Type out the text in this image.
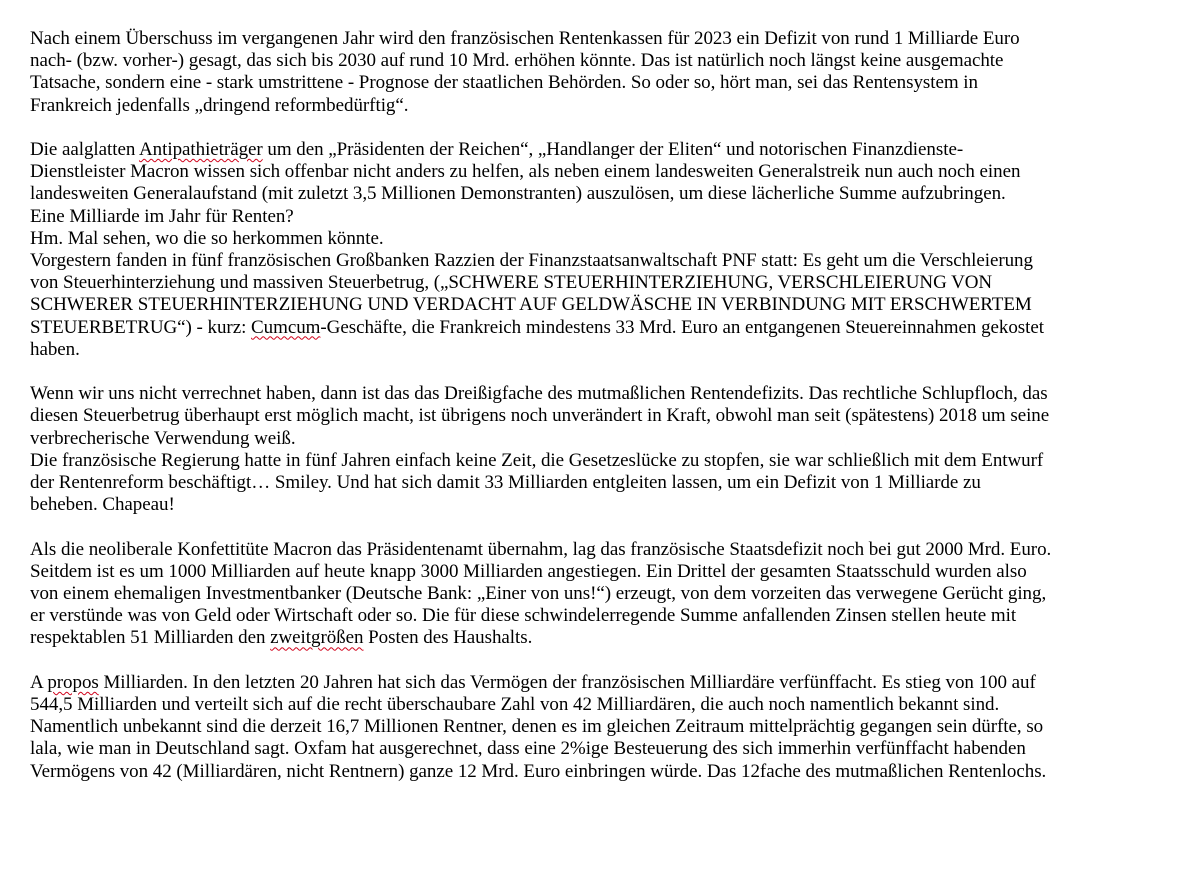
Nach einem Überschuss im vergangenen Jahr wird den französischen Rentenkassen für 2023 ein Defizit von rund 1 Milliarde Euro
nach- (bzw. vorher-) gesagt, das sich bis 2030 auf rund 10 Mrd. erhöhen könnte. Das ist natürlich noch längst keine ausgemachte
Tatsache, sondern eine - stark umstrittene - Prognose der staatlichen Behörden. So oder so, hört man, sei das Rentensystem in
Frankreich jedenfalls „dringend reformbedürftig“.

Die aalglatten Antipathieträger um den „Präsidenten der Reichen“, „Handlanger der Eliten“ und notorischen Finanzdienste-
Dienstleister Macron wissen sich offenbar nicht anders zu helfen, als neben einem landesweiten Generalstreik nun auch noch einen
landesweiten Generalaufstand (mit zuletzt 3,5 Millionen Demonstranten) auszulösen, um diese lächerliche Summe aufzubringen.
Eine Milliarde im Jahr für Renten?
Hm. Mal sehen, wo die so herkommen könnte.
Vorgestern fanden in fünf französischen Großbanken Razzien der Finanzstaatsanwaltschaft PNF statt: Es geht um die Verschleierung
von Steuerhinterziehung und massiven Steuerbetrug, („SCHWERE STEUERHINTERZIEHUNG, VERSCHLEIERUNG VON
SCHWERER STEUERHINTERZIEHUNG UND VERDACHT AUF GELDWÄSCHE IN VERBINDUNG MIT ERSCHWERTEM
STEUERBETRUG“) - kurz: Cumcum-Geschäfte, die Frankreich mindestens 33 Mrd. Euro an entgangenen Steuereinnahmen gekostet
haben.

Wenn wir uns nicht verrechnet haben, dann ist das das Dreißigfache des mutmaßlichen Rentendefizits. Das rechtliche Schlupfloch, das
diesen Steuerbetrug überhaupt erst möglich macht, ist übrigens noch unverändert in Kraft, obwohl man seit (spätestens) 2018 um seine
verbrecherische Verwendung weiß.
Die französische Regierung hatte in fünf Jahren einfach keine Zeit, die Gesetzeslücke zu stopfen, sie war schließlich mit dem Entwurf
der Rentenreform beschäftigt… Smiley. Und hat sich damit 33 Milliarden entgleiten lassen, um ein Defizit von 1 Milliarde zu
beheben. Chapeau!

Als die neoliberale Konfettitüte Macron das Präsidentenamt übernahm, lag das französische Staatsdefizit noch bei gut 2000 Mrd. Euro.
Seitdem ist es um 1000 Milliarden auf heute knapp 3000 Milliarden angestiegen. Ein Drittel der gesamten Staatsschuld wurden also
von einem ehemaligen Investmentbanker (Deutsche Bank: „Einer von uns!“) erzeugt, von dem vorzeiten das verwegene Gerücht ging,
er verstünde was von Geld oder Wirtschaft oder so. Die für diese schwindelerregende Summe anfallenden Zinsen stellen heute mit
respektablen 51 Milliarden den zweitgrößen Posten des Haushalts.

A propos Milliarden. In den letzten 20 Jahren hat sich das Vermögen der französischen Milliardäre verfünffacht. Es stieg von 100 auf
544,5 Milliarden und verteilt sich auf die recht überschaubare Zahl von 42 Milliardären, die auch noch namentlich bekannt sind.
Namentlich unbekannt sind die derzeit 16,7 Millionen Rentner, denen es im gleichen Zeitraum mittelprächtig gegangen sein dürfte, so
lala, wie man in Deutschland sagt. Oxfam hat ausgerechnet, dass eine 2%ige Besteuerung des sich immerhin verfünffacht habenden
Vermögens von 42 (Milliardären, nicht Rentnern) ganze 12 Mrd. Euro einbringen würde. Das 12fache des mutmaßlichen Rentenlochs.
